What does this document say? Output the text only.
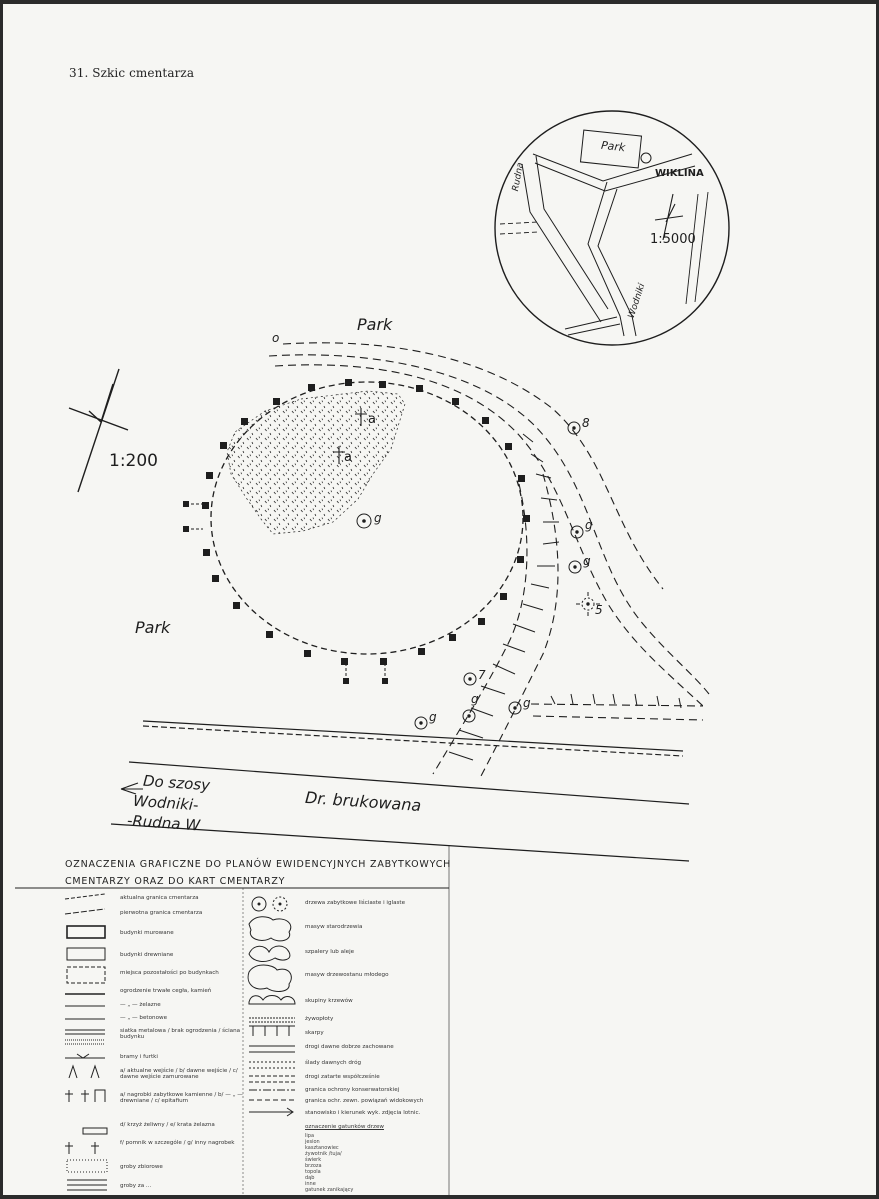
31. Szkic cmentarza
Park
WIKLINA
Rudna
Wodniki
1:5000
1:200
Park
Park
o
a
a
g
8
g
g
5
7
g	g
g
Do szosy
Wodniki-
-Rudna W
Dr. brukowana
OZNACZENIA GRAFICZNE DO PLANÓW EWIDENCYJNYCH ZABYTKOWYCH
CMENTARZY ORAZ DO KART CMENTARZY
aktualna granica cmentarza
pierwotna granica cmentarza
budynki murowane
budynki drewniane
miejsca pozostałości po budynkach
ogrodzenie trwałe cegła, kamień
— „ — żelazne
— „ — betonowe
siatka metalowa / brak ogrodzenia / ściana budynku
bramy i furtki
a/ aktualne wejście / b/ dawne wejście / c/ dawne wejście zamurowane
a/ nagrobki zabytkowe kamienne / b/ — „ — drewniane / c/ epitafium
d/ krzyż żeliwny / e/ krata żelazna
f/ pomnik w szczególe / g/ inny nagrobek
groby zbiorowe
groby za ...
drzewa zabytkowe liściaste i iglaste
masyw starodrzewia
szpalery lub aleje
masyw drzewostanu młodego
skupiny krzewów
żywopłoty
skarpy
drogi dawne dobrze zachowane
ślady dawnych dróg
drogi zatarte współcześnie
granica ochrony konserwatorskiej
granica ochr. zewn. powiązań widokowych
stanowisko i kierunek wyk. zdjęcia lotnic.
oznaczenie gatunków drzew
lipa
jesion
kasztanowiec
żywotnik /tuja/
świerk
brzoza
topola
dąb
inne
gatunek zanikający
